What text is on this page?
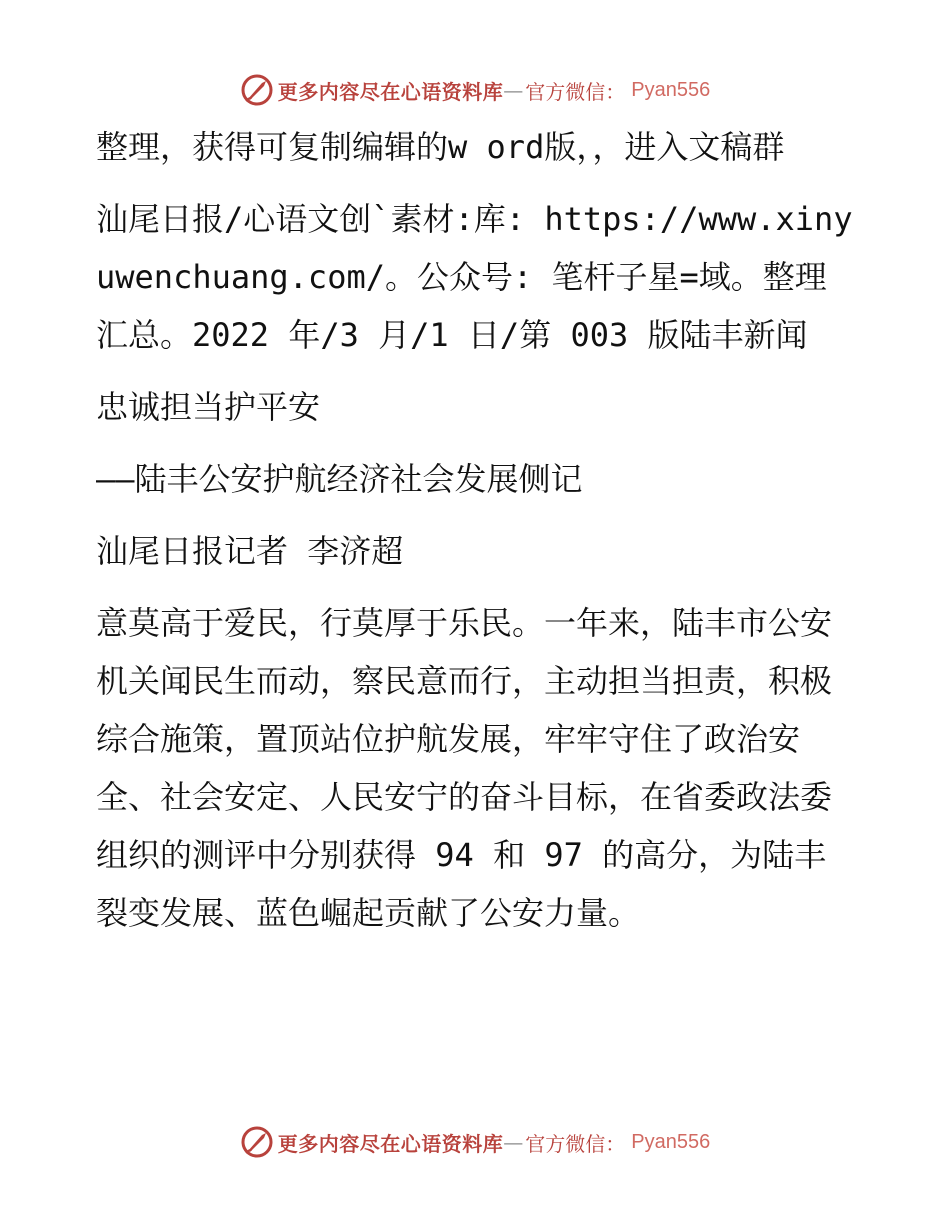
更多内容尽在心语资料库 — 官方微信： Pyan556

整理，获得可复制编辑的w ord版，，进入文稿群

汕尾日报/心语文创`素材:库: https://www.xinyuwenchuang.com/。公众号: 笔杆子星=域。整理汇总。2022 年/3 月/1 日/第 003 版陆丰新闻

忠诚担当护平安

——陆丰公安护航经济社会发展侧记

汕尾日报记者 李济超

意莫高于爱民，行莫厚于乐民。一年来，陆丰市公安机关闻民生而动，察民意而行，主动担当担责，积极综合施策，置顶站位护航发展，牢牢守住了政治安全、社会安定、人民安宁的奋斗目标，在省委政法委组织的测评中分别获得 94 和 97 的高分，为陆丰裂变发展、蓝色崛起贡献了公安力量。

更多内容尽在心语资料库 — 官方微信： Pyan556
